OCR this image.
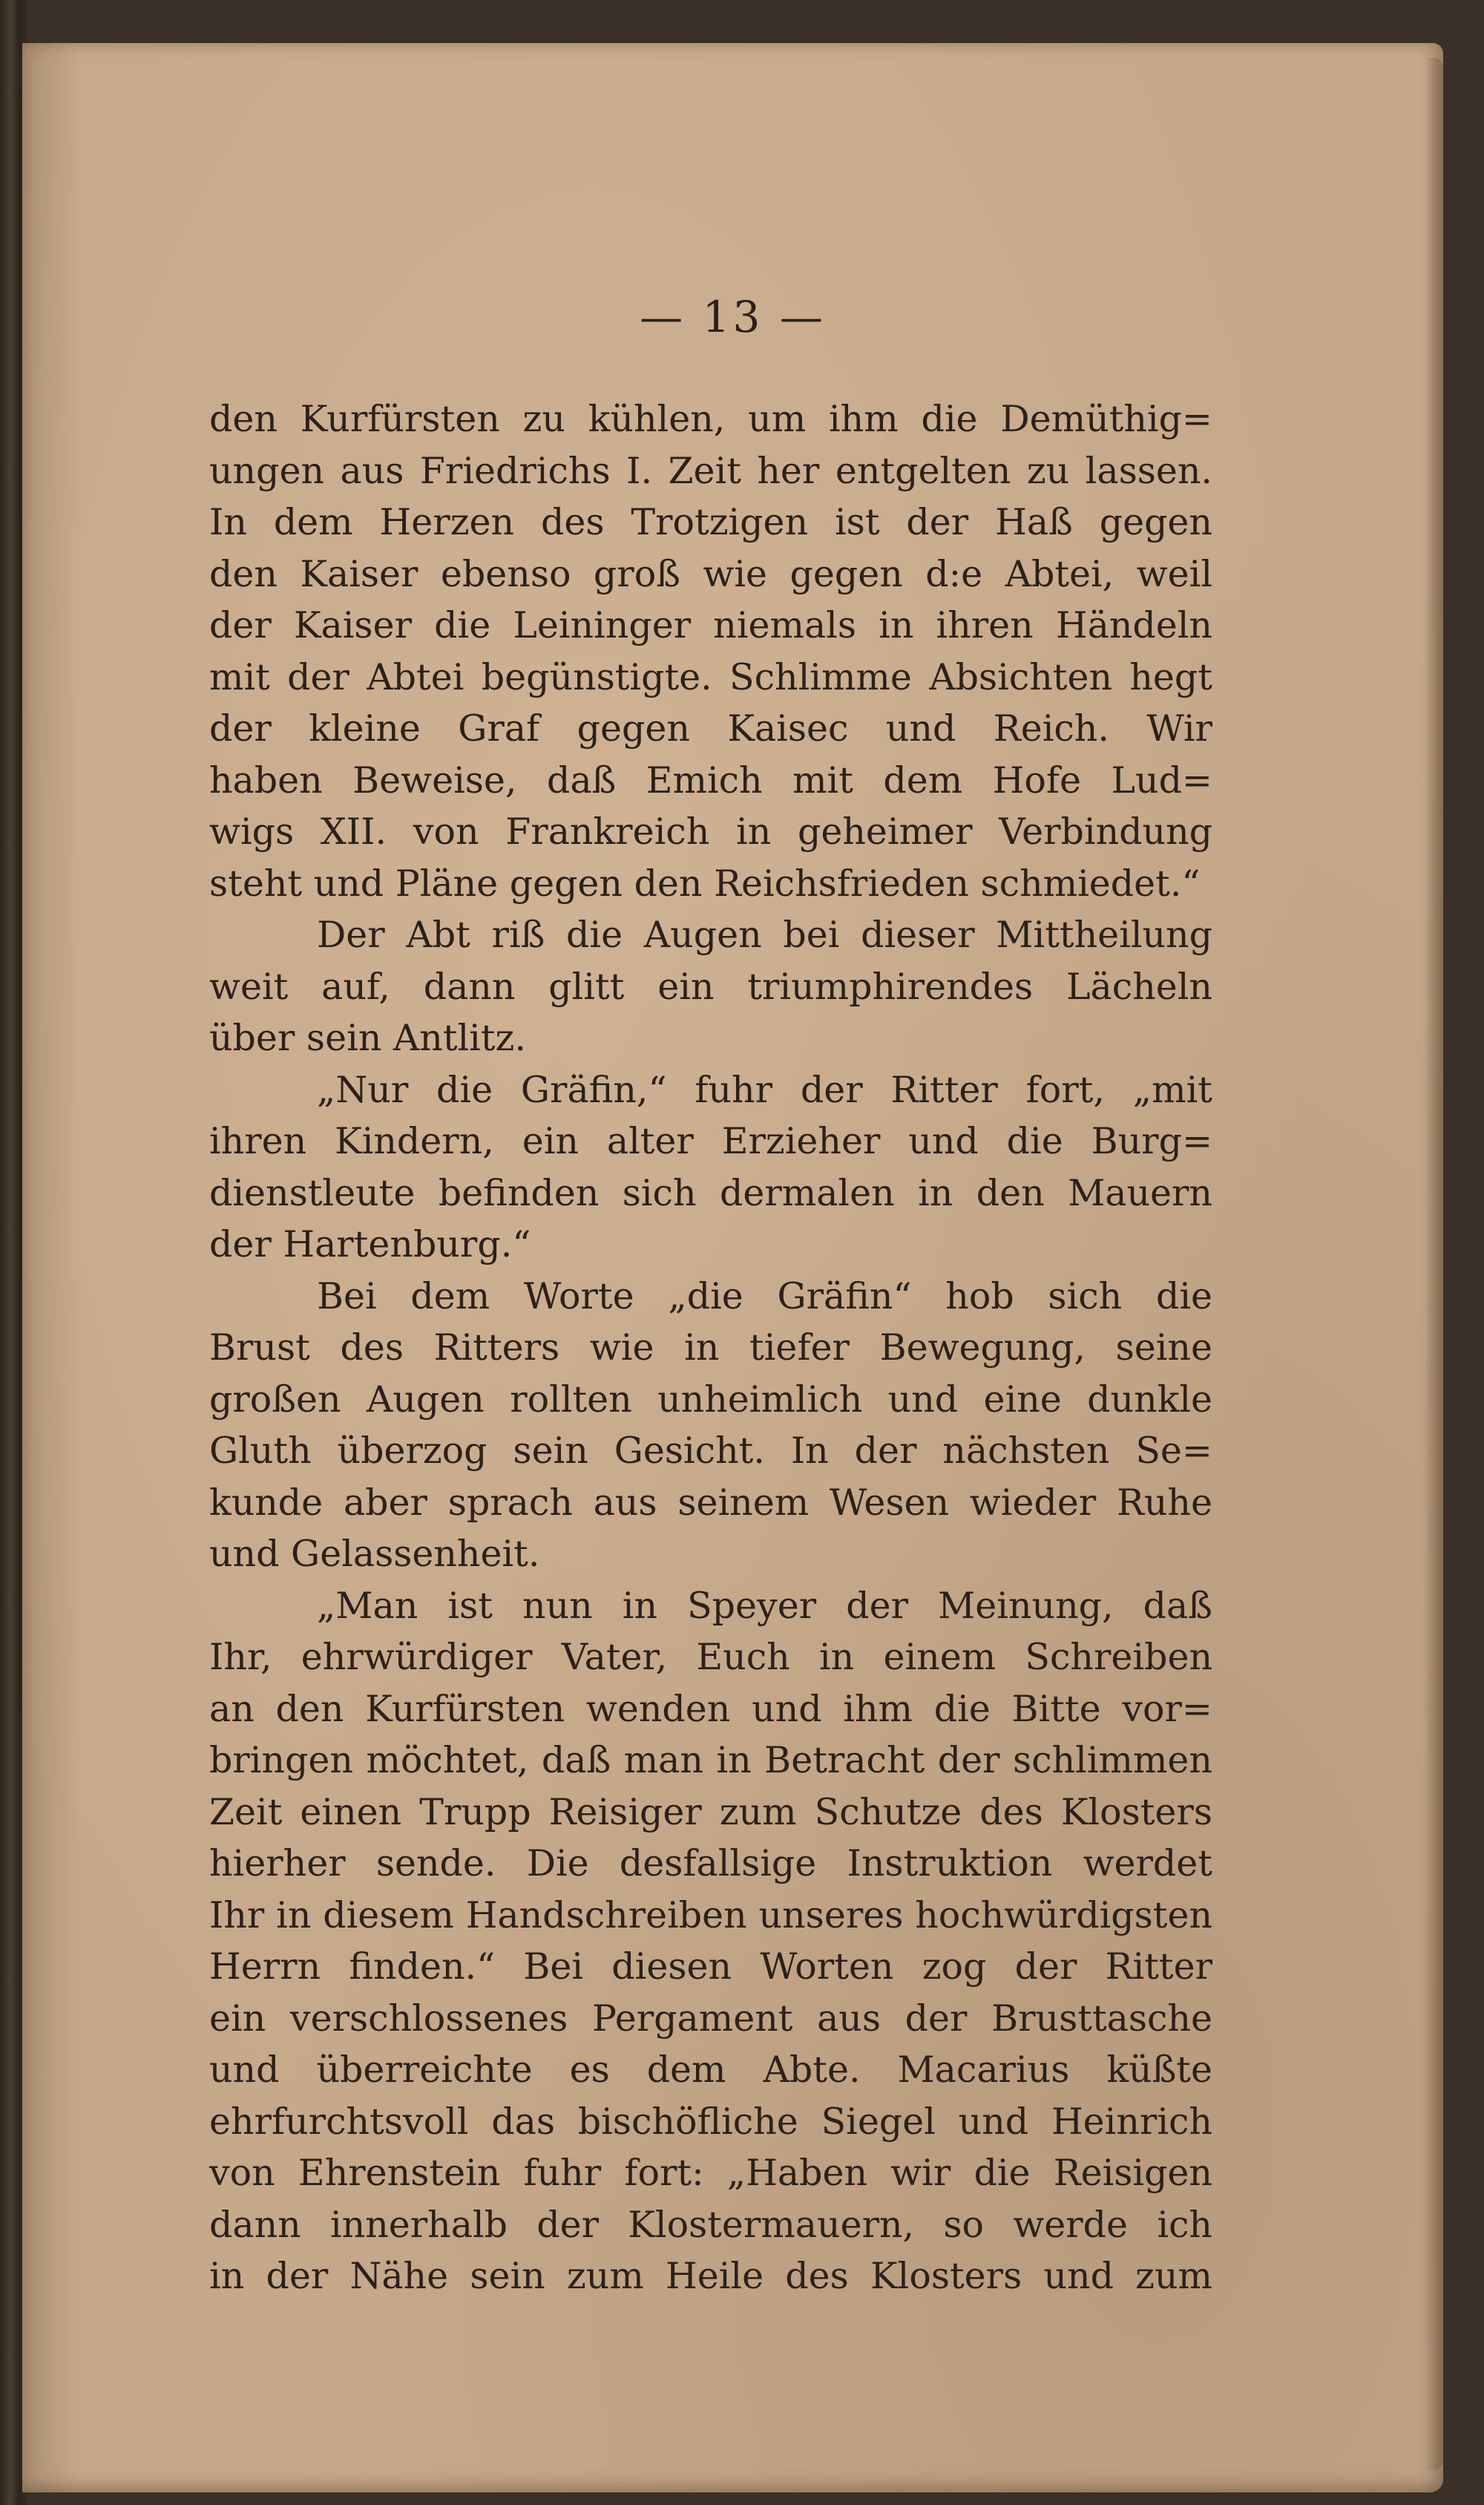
— 13 —
den Kurfürsten zu kühlen, um ihm die Demüthig=
ungen aus Friedrichs I. Zeit her entgelten zu lassen.
In dem Herzen des Trotzigen ist der Haß gegen
den Kaiser ebenso groß wie gegen d:e Abtei, weil
der Kaiser die Leininger niemals in ihren Händeln
mit der Abtei begünstigte. Schlimme Absichten hegt
der kleine Graf gegen Kaisec und Reich. Wir
haben Beweise, daß Emich mit dem Hofe Lud=
wigs XII. von Frankreich in geheimer Verbindung
steht und Pläne gegen den Reichsfrieden schmiedet.“
Der Abt riß die Augen bei dieser Mittheilung
weit auf, dann glitt ein triumphirendes Lächeln
über sein Antlitz.
„Nur die Gräfin,“ fuhr der Ritter fort, „mit
ihren Kindern, ein alter Erzieher und die Burg=
dienstleute befinden sich dermalen in den Mauern
der Hartenburg.“
Bei dem Worte „die Gräfin“ hob sich die
Brust des Ritters wie in tiefer Bewegung, seine
großen Augen rollten unheimlich und eine dunkle
Gluth überzog sein Gesicht. In der nächsten Se=
kunde aber sprach aus seinem Wesen wieder Ruhe
und Gelassenheit.
„Man ist nun in Speyer der Meinung, daß
Ihr, ehrwürdiger Vater, Euch in einem Schreiben
an den Kurfürsten wenden und ihm die Bitte vor=
bringen möchtet, daß man in Betracht der schlimmen
Zeit einen Trupp Reisiger zum Schutze des Klosters
hierher sende. Die desfallsige Instruktion werdet
Ihr in diesem Handschreiben unseres hochwürdigsten
Herrn finden.“ Bei diesen Worten zog der Ritter
ein verschlossenes Pergament aus der Brusttasche
und überreichte es dem Abte. Macarius küßte
ehrfurchtsvoll das bischöfliche Siegel und Heinrich
von Ehrenstein fuhr fort: „Haben wir die Reisigen
dann innerhalb der Klostermauern, so werde ich
in der Nähe sein zum Heile des Klosters und zum
